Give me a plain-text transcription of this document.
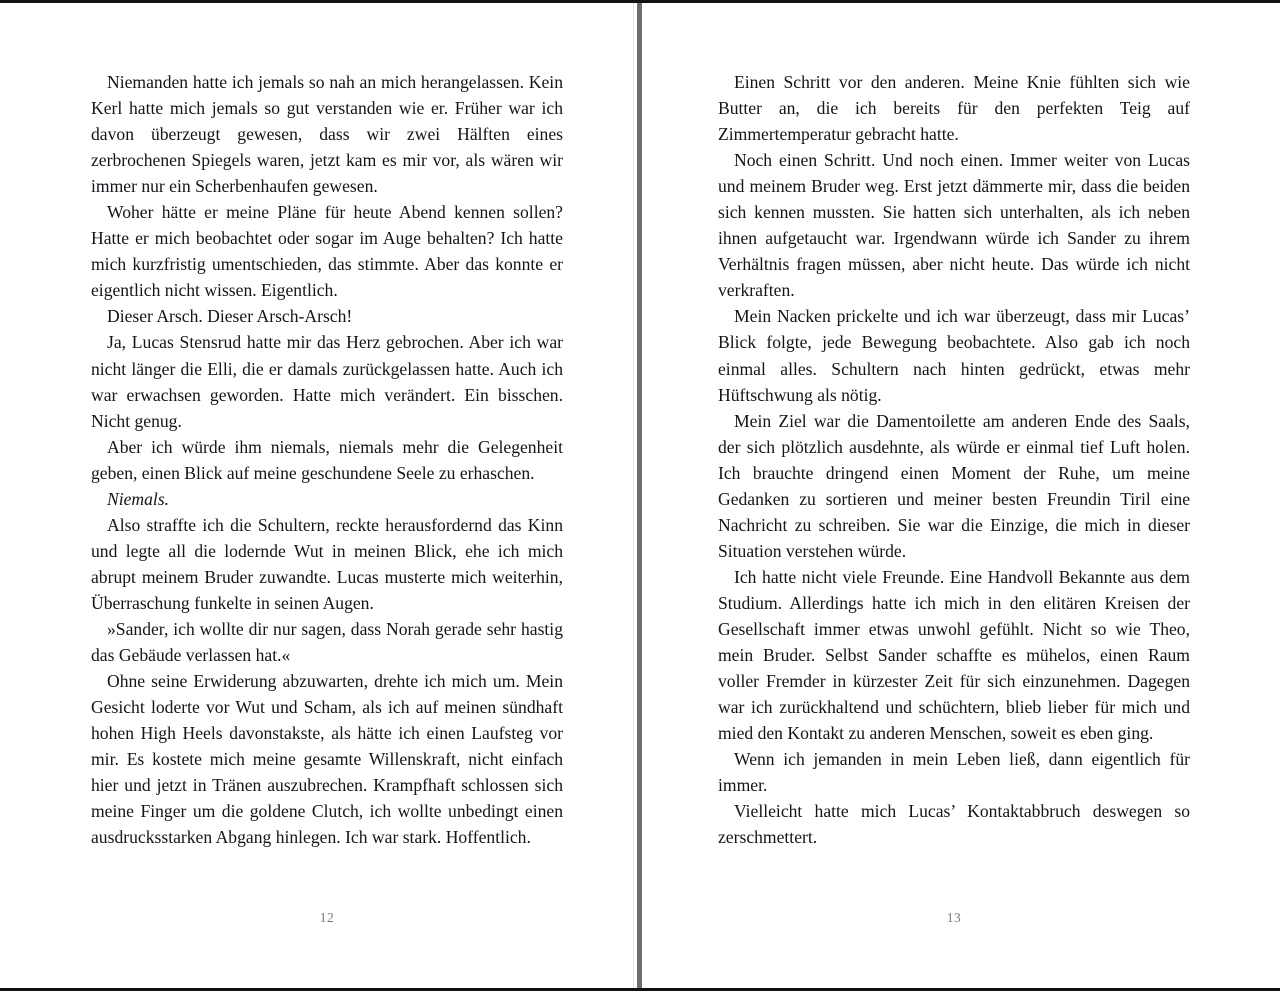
Niemanden hatte ich jemals so nah an mich herangelassen. Kein Kerl hatte mich jemals so gut verstanden wie er. Früher war ich davon überzeugt gewesen, dass wir zwei Hälften eines zerbrochenen Spiegels waren, jetzt kam es mir vor, als wären wir immer nur ein Scherbenhaufen gewesen.

Woher hätte er meine Pläne für heute Abend kennen sollen? Hatte er mich beobachtet oder sogar im Auge behalten? Ich hatte mich kurzfristig umentschieden, das stimmte. Aber das konnte er eigentlich nicht wissen. Eigentlich.

Dieser Arsch. Dieser Arsch-Arsch!

Ja, Lucas Stensrud hatte mir das Herz gebrochen. Aber ich war nicht länger die Elli, die er damals zurückgelassen hatte. Auch ich war erwachsen geworden. Hatte mich verändert. Ein bisschen. Nicht genug.

Aber ich würde ihm niemals, niemals mehr die Gelegenheit geben, einen Blick auf meine geschundene Seele zu erhaschen.

Niemals.

Also straffte ich die Schultern, reckte herausfordernd das Kinn und legte all die lodernde Wut in meinen Blick, ehe ich mich abrupt meinem Bruder zuwandte. Lucas musterte mich weiterhin, Überraschung funkelte in seinen Augen.

»Sander, ich wollte dir nur sagen, dass Norah gerade sehr hastig das Gebäude verlassen hat.«

Ohne seine Erwiderung abzuwarten, drehte ich mich um. Mein Gesicht loderte vor Wut und Scham, als ich auf meinen sündhaft hohen High Heels davonstakste, als hätte ich einen Laufsteg vor mir. Es kostete mich meine gesamte Willenskraft, nicht einfach hier und jetzt in Tränen auszubrechen. Krampfhaft schlossen sich meine Finger um die goldene Clutch, ich wollte unbedingt einen ausdrucksstarken Abgang hinlegen. Ich war stark. Hoffentlich.

12

Einen Schritt vor den anderen. Meine Knie fühlten sich wie Butter an, die ich bereits für den perfekten Teig auf Zimmertemperatur gebracht hatte.

Noch einen Schritt. Und noch einen. Immer weiter von Lucas und meinem Bruder weg. Erst jetzt dämmerte mir, dass die beiden sich kennen mussten. Sie hatten sich unterhalten, als ich neben ihnen aufgetaucht war. Irgendwann würde ich Sander zu ihrem Verhältnis fragen müssen, aber nicht heute. Das würde ich nicht verkraften.

Mein Nacken prickelte und ich war überzeugt, dass mir Lucas’ Blick folgte, jede Bewegung beobachtete. Also gab ich noch einmal alles. Schultern nach hinten gedrückt, etwas mehr Hüftschwung als nötig.

Mein Ziel war die Damentoilette am anderen Ende des Saals, der sich plötzlich ausdehnte, als würde er einmal tief Luft holen. Ich brauchte dringend einen Moment der Ruhe, um meine Gedanken zu sortieren und meiner besten Freundin Tiril eine Nachricht zu schreiben. Sie war die Einzige, die mich in dieser Situation verstehen würde.

Ich hatte nicht viele Freunde. Eine Handvoll Bekannte aus dem Studium. Allerdings hatte ich mich in den elitären Kreisen der Gesellschaft immer etwas unwohl gefühlt. Nicht so wie Theo, mein Bruder. Selbst Sander schaffte es mühelos, einen Raum voller Fremder in kürzester Zeit für sich einzunehmen. Dagegen war ich zurückhaltend und schüchtern, blieb lieber für mich und mied den Kontakt zu anderen Menschen, soweit es eben ging.

Wenn ich jemanden in mein Leben ließ, dann eigentlich für immer.

Vielleicht hatte mich Lucas’ Kontaktabbruch deswegen so zerschmettert.

13
